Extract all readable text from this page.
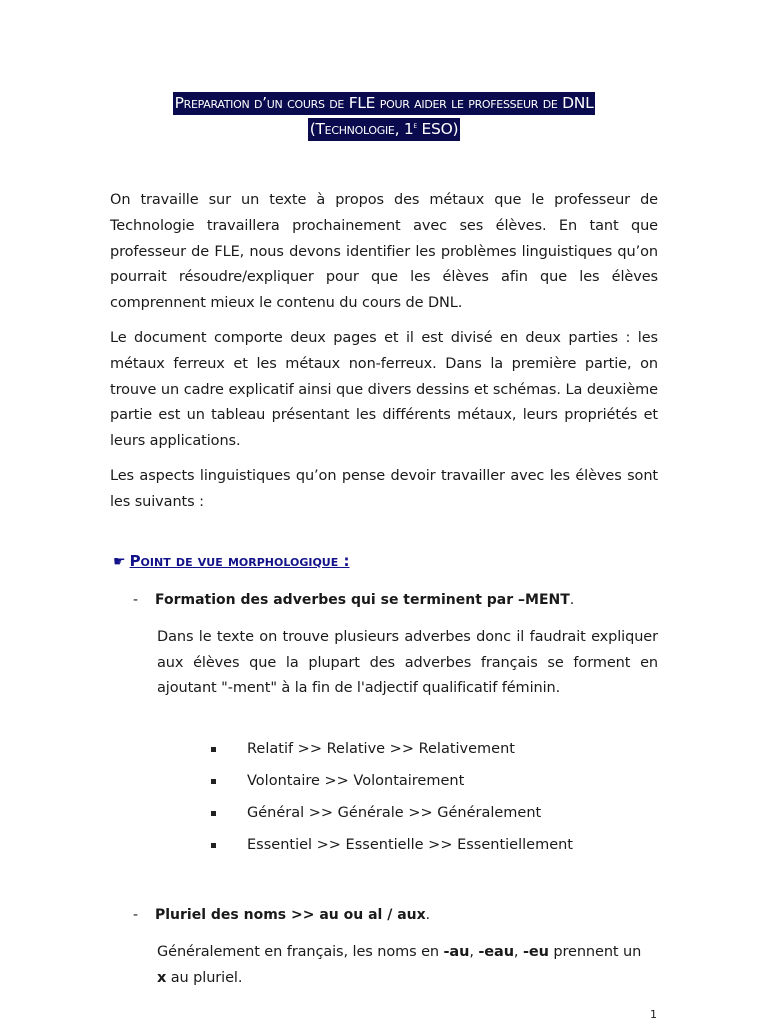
Preparation d’un cours de FLE pour aider le professeur de DNL
(Technologie, 1e ESO)

On travaille sur un texte à propos des métaux que le professeur de Technologie travaillera prochainement avec ses élèves. En tant que professeur de FLE, nous devons identifier les problèmes linguistiques qu’on pourrait résoudre/expliquer pour que les élèves afin que les élèves comprennent mieux le contenu du cours de DNL.

Le document comporte deux pages et il est divisé en deux parties : les métaux ferreux et les métaux non-ferreux. Dans la première partie, on trouve un cadre explicatif ainsi que divers dessins et schémas. La deuxième partie est un tableau présentant les différents métaux, leurs propriétés et leurs applications.

Les aspects linguistiques qu’on pense devoir travailler avec les élèves sont les suivants :

☛ Point de vue morphologique :
- Formation des adverbes qui se terminent par –MENT.

Dans le texte on trouve plusieurs adverbes donc il faudrait expliquer aux élèves que la plupart des adverbes français se forment en ajoutant "-ment" à la fin de l'adjectif qualificatif féminin.

Relatif >> Relative >> Relativement
Volontaire >> Volontairement
Général >> Générale >> Généralement
Essentiel >> Essentielle >> Essentiellement
- Pluriel des noms >> au ou al / aux.

Généralement en français, les noms en -au, -eau, -eu prennent un
x au pluriel.

1
